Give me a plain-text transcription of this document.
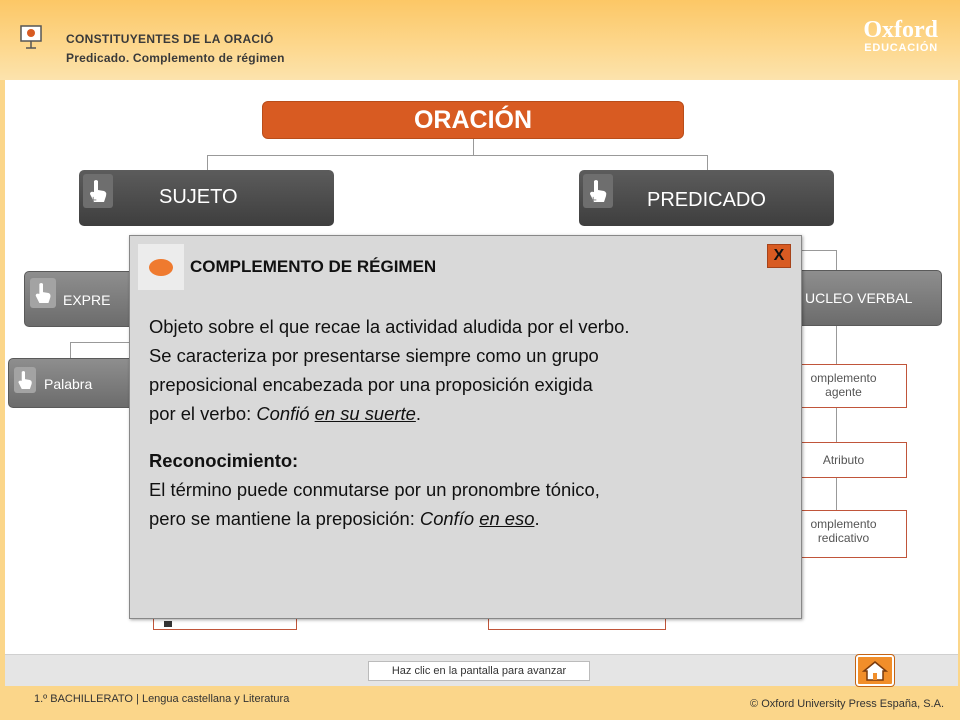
CONSTITUYENTES DE LA ORACIÓ
Predicado. Complemento de régimen
Oxford
EDUCACIÓN
ORACIÓN
+	SUJETO	+ PREDICADO
EXPRE	UCLEO VERBAL
Palabra	omplemento
agente
Atributo
omplemento
redicativo
COMPLEMENTO DE RÉGIMEN
X
Objeto sobre el que recae la actividad aludida por el verbo.
Se caracteriza por presentarse siempre como un grupo
preposicional encabezada por una proposición exigida
por el verbo: Confió en su suerte.
Reconocimiento:
El término puede conmutarse por un pronombre tónico,
pero se mantiene la preposición: Confío en eso.
Haz clic en la pantalla para avanzar
1.º BACHILLERATO | Lengua castellana y Literatura	© Oxford University Press España, S.A.
